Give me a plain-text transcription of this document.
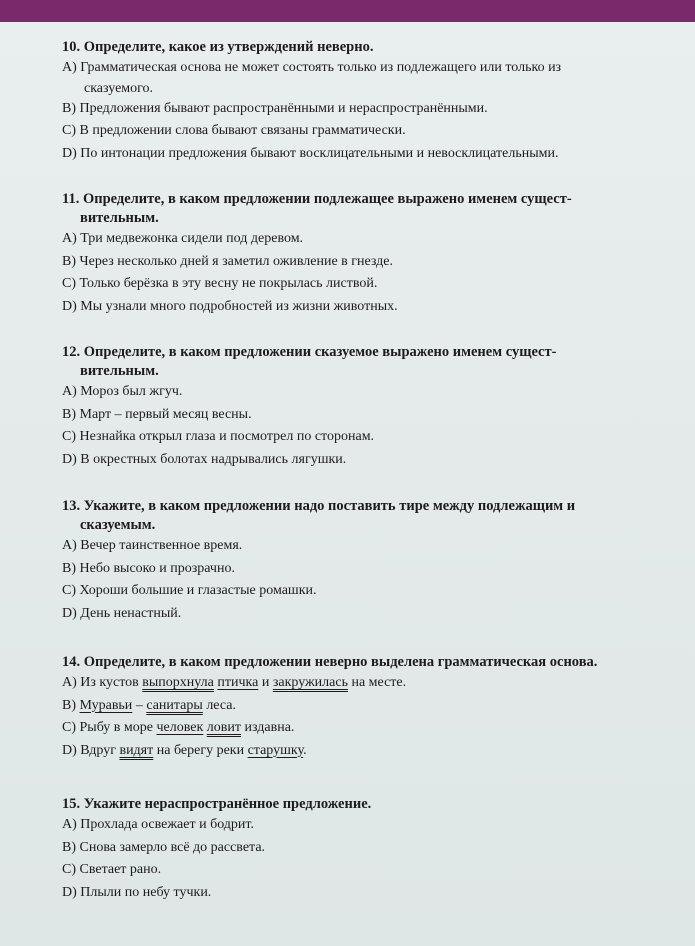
10. Определите, какое из утверждений неверно.

A) Грамматическая основа не может состоять только из подлежащего или только из
сказуемого.

B) Предложения бывают распространёнными и нераспространёнными.

C) В предложении слова бывают связаны грамматически.

D) По интонации предложения бывают восклицательными и невосклицательными.

11. Определите, в каком предложении подлежащее выражено именем сущест-
вительным.

A) Три медвежонка сидели под деревом.

B) Через несколько дней я заметил оживление в гнезде.

C) Только берёзка в эту весну не покрылась листвой.

D) Мы узнали много подробностей из жизни животных.

12. Определите, в каком предложении сказуемое выражено именем сущест-
вительным.

A) Мороз был жгуч.

B) Март – первый месяц весны.

C) Незнайка открыл глаза и посмотрел по сторонам.

D) В окрестных болотах надрывались лягушки.

13. Укажите, в каком предложении надо поставить тире между подлежащим и
сказуемым.

A) Вечер таинственное время.

B) Небо высоко и прозрачно.

C) Хороши большие и глазастые ромашки.

D) День ненастный.

14. Определите, в каком предложении неверно выделена грамматическая основа.

A) Из кустов выпорхнула птичка и закружилась на месте.

B) Муравьи – санитары леса.

C) Рыбу в море человек ловит издавна.

D) Вдруг видят на берегу реки старушку.

15. Укажите нераспространённое предложение.

A) Прохлада освежает и бодрит.

B) Снова замерло всё до рассвета.

C) Светает рано.

D) Плыли по небу тучки.
